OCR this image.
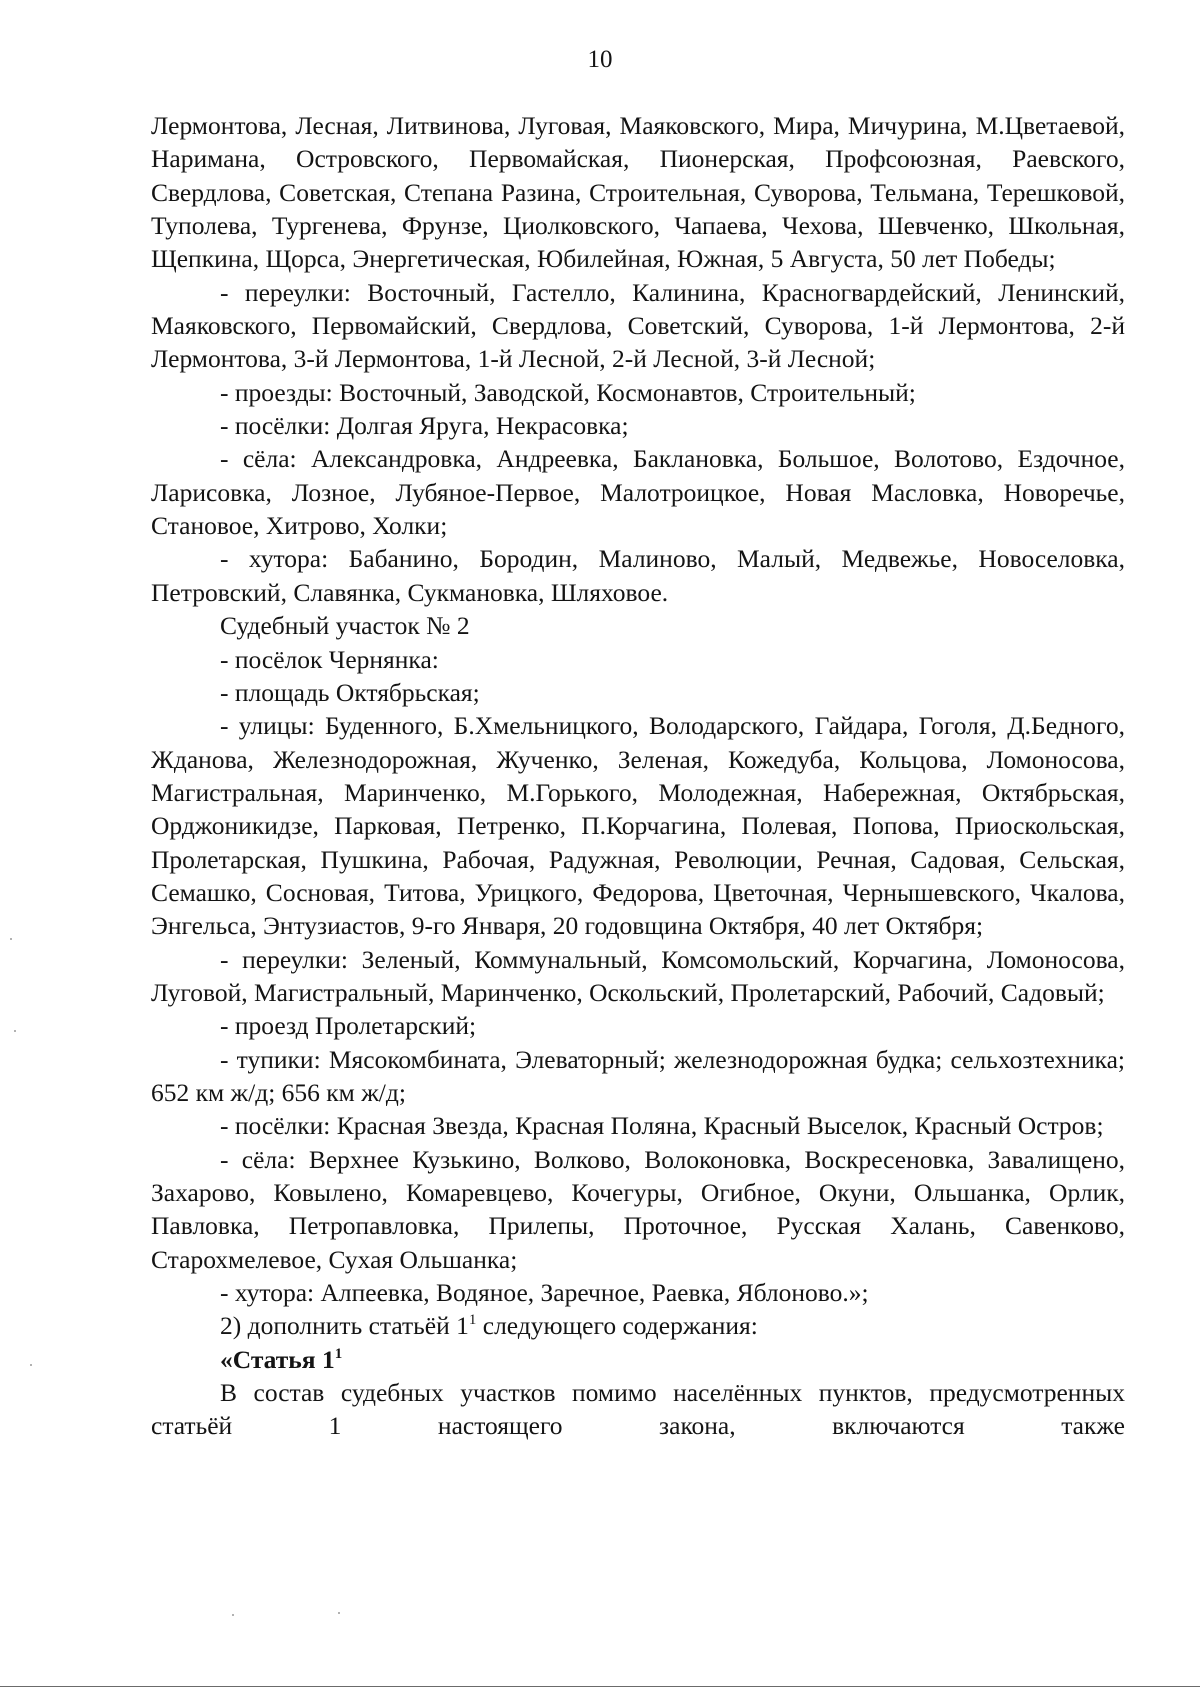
10

Лермонтова, Лесная, Литвинова, Луговая, Маяковского, Мира, Мичурина, М.Цветаевой, Наримана, Островского, Первомайская, Пионерская, Профсоюзная, Раевского, Свердлова, Советская, Степана Разина, Строительная, Суворова, Тельмана, Терешковой, Туполева, Тургенева, Фрунзе, Циолковского, Чапаева, Чехова, Шевченко, Школьная, Щепкина, Щорса, Энергетическая, Юбилейная, Южная, 5 Августа, 50 лет Победы;

- переулки: Восточный, Гастелло, Калинина, Красногвардейский, Ленинский, Маяковского, Первомайский, Свердлова, Советский, Суворова, 1-й Лермонтова, 2-й Лермонтова, 3-й Лермонтова, 1-й Лесной, 2-й Лесной, 3-й Лесной;

- проезды: Восточный, Заводской, Космонавтов, Строительный;

- посёлки: Долгая Яруга, Некрасовка;

- сёла: Александровка, Андреевка, Баклановка, Большое, Волотово, Ездочное, Ларисовка, Лозное, Лубяное-Первое, Малотроицкое, Новая Масловка, Новоречье, Становое, Хитрово, Холки;

- хутора: Бабанино, Бородин, Малиново, Малый, Медвежье, Новоселовка, Петровский, Славянка, Сукмановка, Шляховое.

Судебный участок № 2

- посёлок Чернянка:

- площадь Октябрьская;

- улицы: Буденного, Б.Хмельницкого, Володарского, Гайдара, Гоголя, Д.Бедного, Жданова, Железнодорожная, Жученко, Зеленая, Кожедуба, Кольцова, Ломоносова, Магистральная, Маринченко, М.Горького, Молодежная, Набережная, Октябрьская, Орджоникидзе, Парковая, Петренко, П.Корчагина, Полевая, Попова, Приоскольская, Пролетарская, Пушкина, Рабочая, Радужная, Революции, Речная, Садовая, Сельская, Семашко, Сосновая, Титова, Урицкого, Федорова, Цветочная, Чернышевского, Чкалова, Энгельса, Энтузиастов, 9-го Января, 20 годовщина Октября, 40 лет Октября;

- переулки: Зеленый, Коммунальный, Комсомольский, Корчагина, Ломоносова, Луговой, Магистральный, Маринченко, Оскольский, Пролетарский, Рабочий, Садовый;

- проезд Пролетарский;

- тупики: Мясокомбината, Элеваторный; железнодорожная будка; сельхозтехника; 652 км ж/д; 656 км ж/д;

- посёлки: Красная Звезда, Красная Поляна, Красный Выселок, Красный Остров;

- сёла: Верхнее Кузькино, Волково, Волоконовка, Воскресеновка, Завалищено, Захарово, Ковылено, Комаревцево, Кочегуры, Огибное, Окуни, Ольшанка, Орлик, Павловка, Петропавловка, Прилепы, Проточное, Русская Халань, Савенково, Старохмелевое, Сухая Ольшанка;

- хутора: Алпеевка, Водяное, Заречное, Раевка, Яблоново.»;

2) дополнить статьёй $1^1$ следующего содержания:

«Статья $1^1$

В состав судебных участков помимо населённых пунктов, предусмотренных статьёй 1 настоящего закона, включаются также
